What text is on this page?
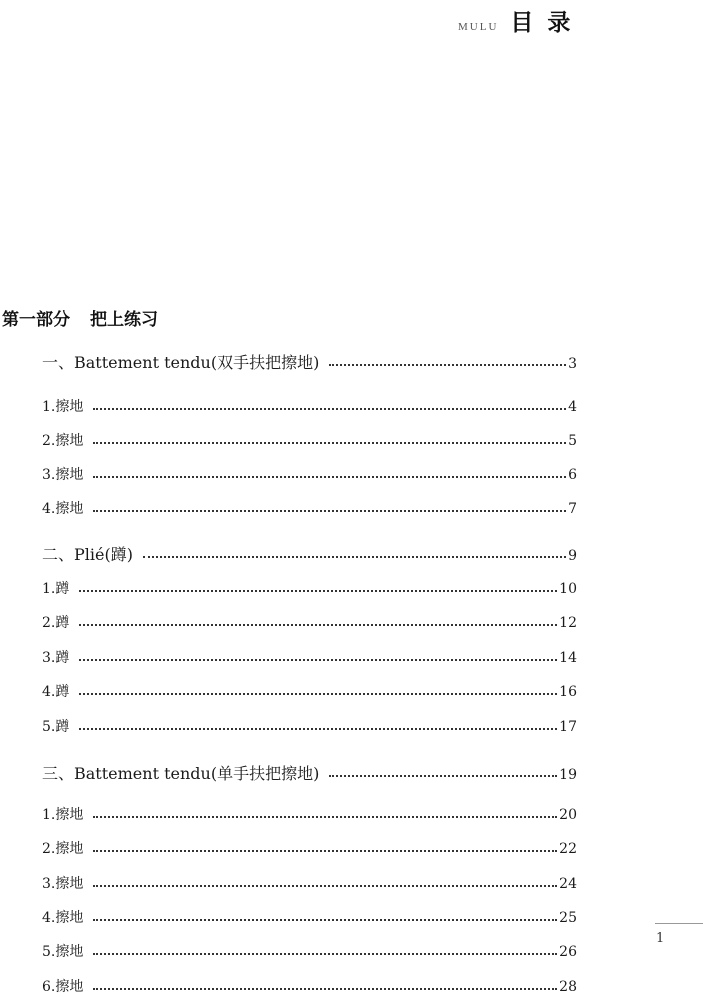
MULU 目录
第一部分 把上练习
一、Battement tendu(双手扶把擦地)	3
1.擦地	4
2.擦地	5
3.擦地	6
4.擦地	7
二、Plié(蹲)	9
1.蹲	10
2.蹲	12
3.蹲	14
4.蹲	16
5.蹲	17
三、Battement tendu(单手扶把擦地)	19
1.擦地	20
2.擦地	22
3.擦地	24
4.擦地	25
5.擦地	26
6.擦地	28
1
